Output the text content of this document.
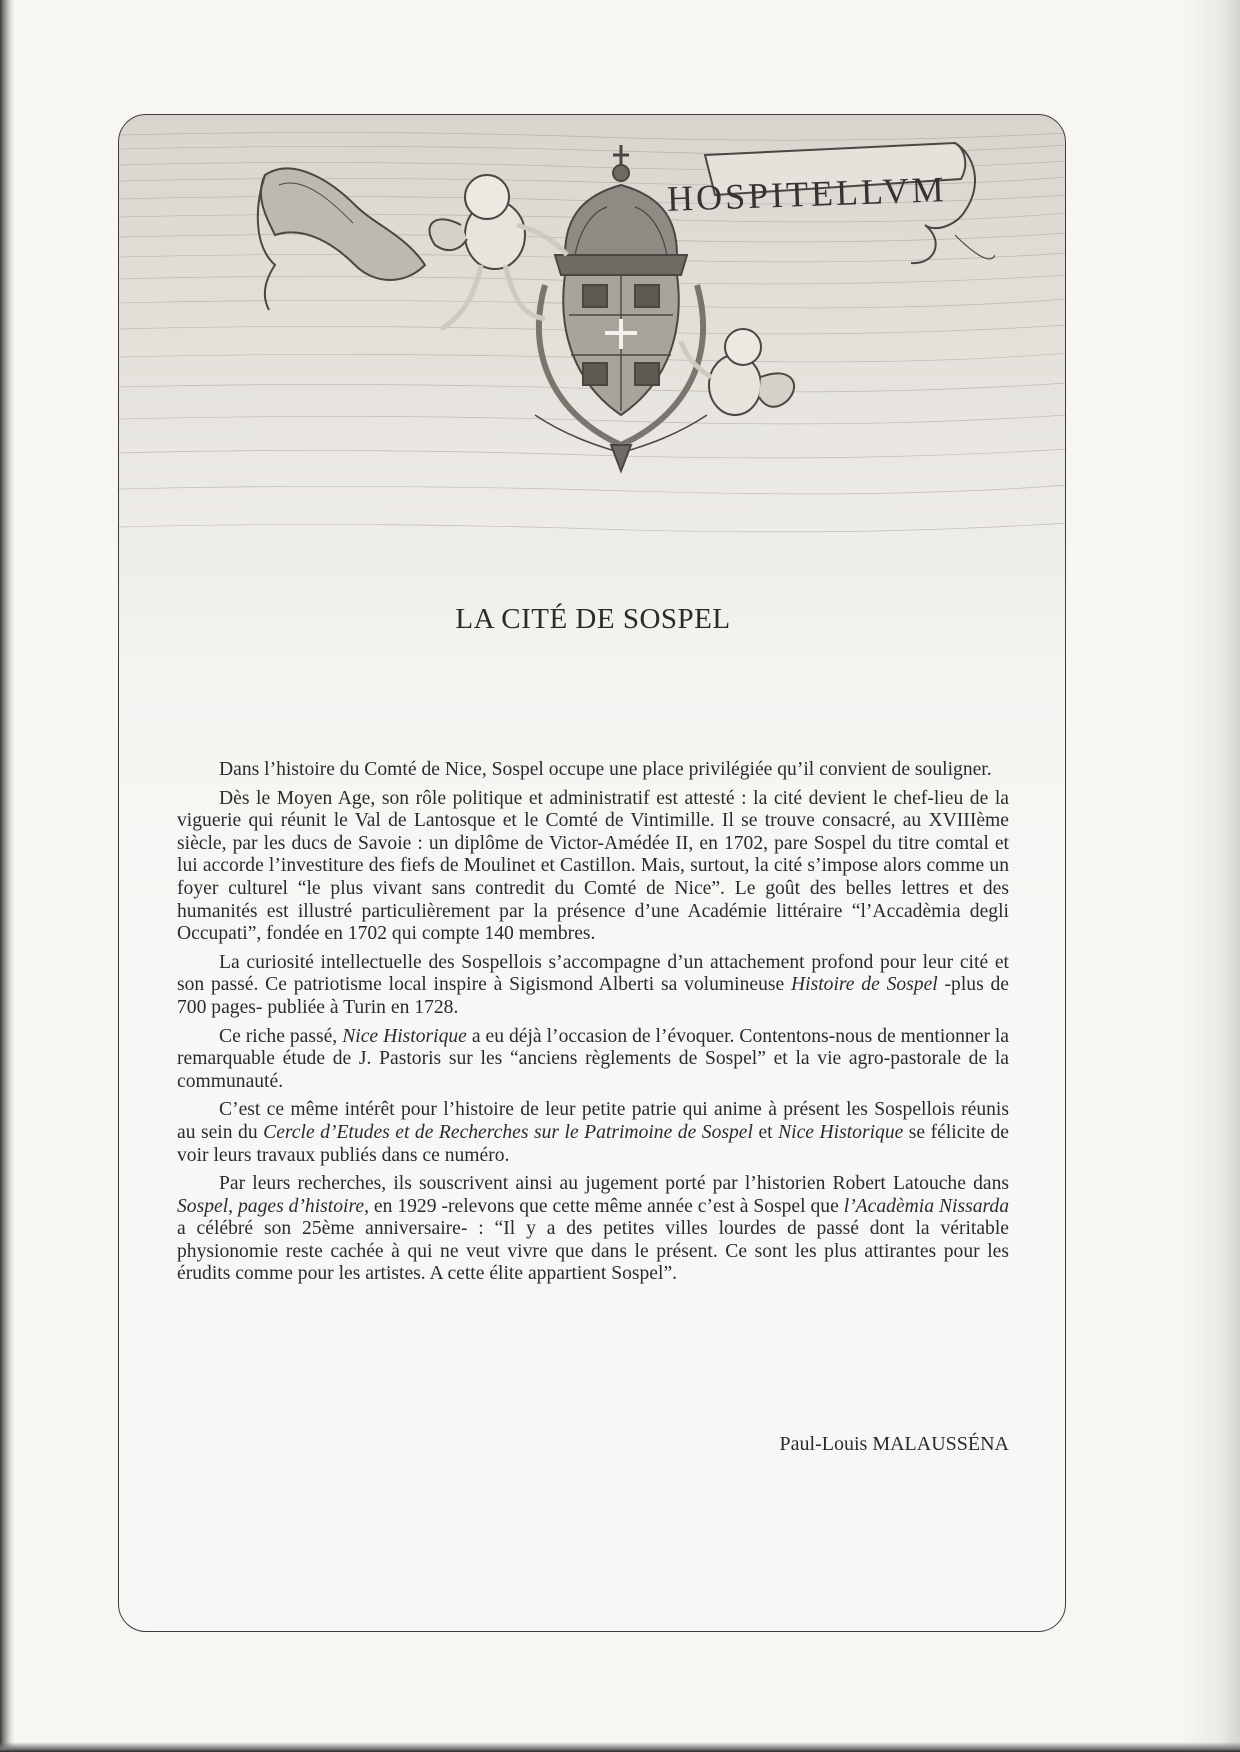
HOSPITELLVM
LA CITÉ DE SOSPEL

Dans l’histoire du Comté de Nice, Sospel occupe une place privilégiée qu’il convient de souligner.

Dès le Moyen Age, son rôle politique et administratif est attesté : la cité devient le chef-lieu de la viguerie qui réunit le Val de Lantosque et le Comté de Vintimille. Il se trouve consacré, au XVIIIème siècle, par les ducs de Savoie : un diplôme de Victor-Amédée II, en 1702, pare Sospel du titre comtal et lui accorde l’investiture des fiefs de Moulinet et Castillon. Mais, surtout, la cité s’impose alors comme un foyer culturel “le plus vivant sans contredit du Comté de Nice”. Le goût des belles lettres et des humanités est illustré particulièrement par la présence d’une Académie littéraire “l’Accadèmia degli Occupati”, fondée en 1702 qui compte 140 membres.

La curiosité intellectuelle des Sospellois s’accompagne d’un attachement profond pour leur cité et son passé. Ce patriotisme local inspire à Sigismond Alberti sa volumineuse Histoire de Sospel -plus de 700 pages- publiée à Turin en 1728.

Ce riche passé, Nice Historique a eu déjà l’occasion de l’évoquer. Contentons-nous de mentionner la remarquable étude de J. Pastoris sur les “anciens règlements de Sospel” et la vie agro-pastorale de la communauté.

C’est ce même intérêt pour l’histoire de leur petite patrie qui anime à présent les Sospellois réunis au sein du Cercle d’Etudes et de Recherches sur le Patrimoine de Sospel et Nice Historique se félicite de voir leurs travaux publiés dans ce numéro.

Par leurs recherches, ils souscrivent ainsi au jugement porté par l’historien Robert Latouche dans Sospel, pages d’histoire, en 1929 -relevons que cette même année c’est à Sospel que l’Acadèmia Nissarda a célébré son 25ème anniversaire- : “Il y a des petites villes lourdes de passé dont la véritable physionomie reste cachée à qui ne veut vivre que dans le présent. Ce sont les plus attirantes pour les érudits comme pour les artistes. A cette élite appartient Sospel”.

Paul-Louis MALAUSSÉNA
